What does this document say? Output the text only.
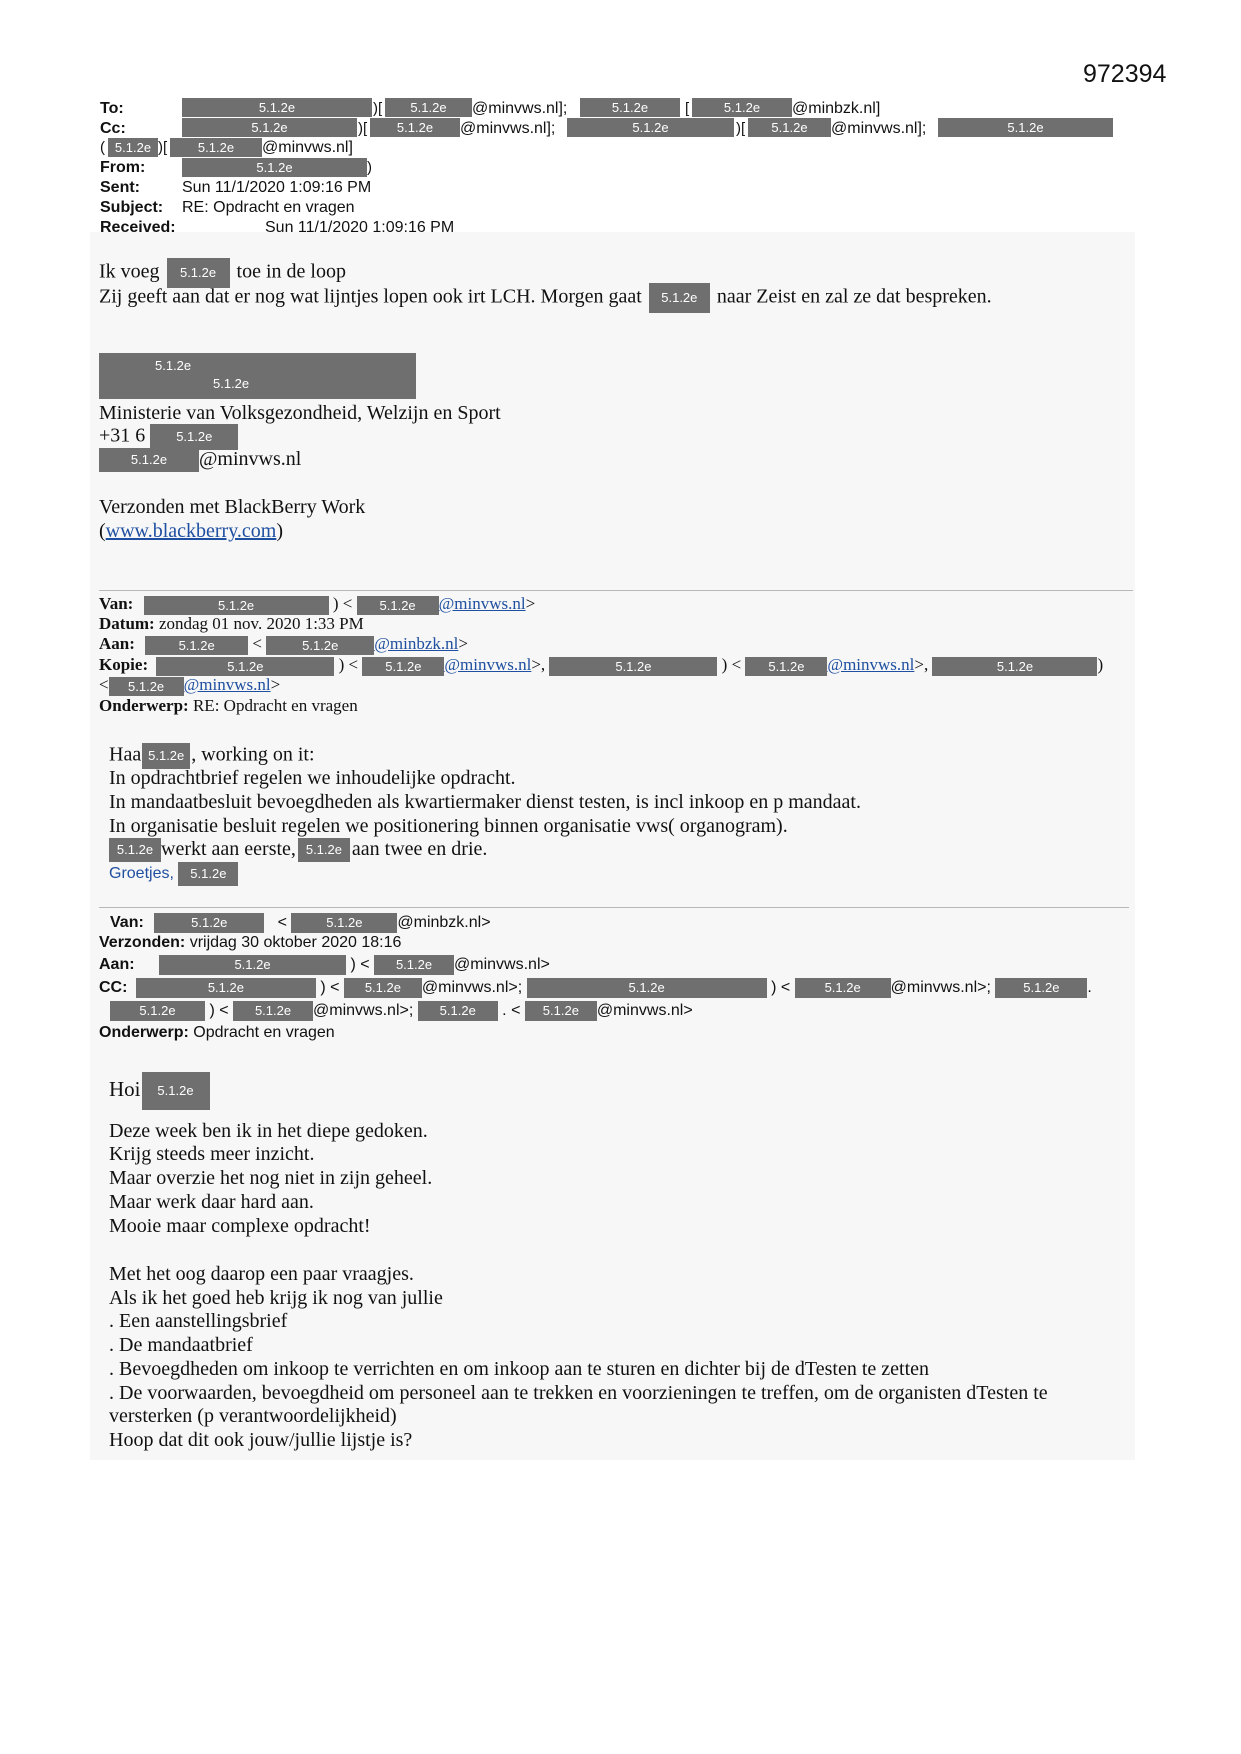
972394
To:	5.1.2e	)[	5.1.2e	@minvws.nl];	5.1.2e	[	5.1.2e	@minbzk.nl]
Cc:	5.1.2e	)[	5.1.2e	@minvws.nl];	5.1.2e	)[	5.1.2e	@minvws.nl];	5.1.2e
( 5.1.2e )[	5.1.2e	@minvws.nl]
From:	5.1.2e	)
Sent:	Sun 11/1/2020 1:09:16 PM
Subject: RE: Opdracht en vragen
Received:	Sun 11/1/2020 1:09:16 PM
Ik voeg 5.1.2e toe in de loop
Zij geeft aan dat er nog wat lijntjes lopen ook irt LCH. Morgen gaat 5.1.2e naar Zeist en zal ze dat bespreken.
5.1.2e
5.1.2e
Ministerie van Volksgezondheid, Welzijn en Sport
+31 6 5.1.2e
5.1.2e @minvws.nl
Verzonden met BlackBerry Work
(www.blackberry.com)
Van:	5.1.2e	) < 5.1.2e @minvws.nl>
Datum: zondag 01 nov. 2020 1:33 PM
Aan:	5.1.2e <	5.1.2e @minbzk.nl>
Kopie:	5.1.2e	) < 5.1.2e @minvws.nl>,	5.1.2e	) < 5.1.2e @minvws.nl>,	5.1.2e	)
< 5.1.2e @minvws.nl>
Onderwerp: RE: Opdracht en vragen
Haa 5.1.2e , working on it:
In opdrachtbrief regelen we inhoudelijke opdracht.
In mandaatbesluit bevoegdheden als kwartiermaker dienst testen, is incl inkoop en p mandaat.
In organisatie besluit regelen we positionering binnen organisatie vws( organogram).
5.1.2e werkt aan eerste, 5.1.2e aan twee en drie.
Groetjes, 5.1.2e
Van:	5.1.2e   <	5.1.2e @minbzk.nl>
Verzonden: vrijdag 30 oktober 2020 18:16
Aan:	5.1.2e	) < 5.1.2e @minvws.nl>
CC:	5.1.2e	) < 5.1.2e @minvws.nl>;	5.1.2e	) < 5.1.2e @minvws.nl>; 5.1.2e .
5.1.2e ) < 5.1.2e @minvws.nl>; 5.1.2e . < 5.1.2e @minvws.nl>
Onderwerp: Opdracht en vragen
Hoi 5.1.2e
Deze week ben ik in het diepe gedoken.
Krijg steeds meer inzicht.
Maar overzie het nog niet in zijn geheel.
Maar werk daar hard aan.
Mooie maar complexe opdracht!
Met het oog daarop een paar vraagjes.
Als ik het goed heb krijg ik nog van jullie
. Een aanstellingsbrief
. De mandaatbrief
. Bevoegdheden om inkoop te verrichten en om inkoop aan te sturen en dichter bij de dTesten te zetten
. De voorwaarden, bevoegdheid om personeel aan te trekken en voorzieningen te treffen, om de organisten dTesten te
versterken (p verantwoordelijkheid)
Hoop dat dit ook jouw/jullie lijstje is?
